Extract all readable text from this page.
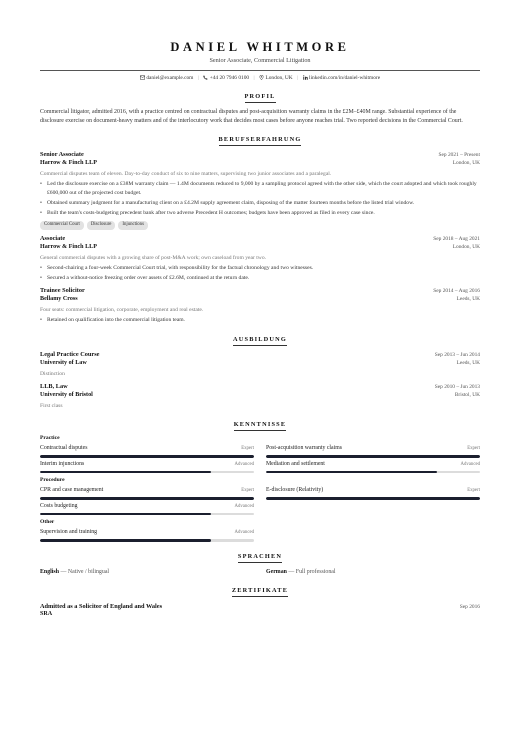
DANIEL WHITMORE
Senior Associate, Commercial Litigation
daniel@example.com | +44 20 7946 0100 | London, UK | linkedin.com/in/daniel-whitmore
PROFIL
Commercial litigator, admitted 2016, with a practice centred on contractual disputes and post-acquisition warranty claims in the £2M–£40M range. Substantial experience of the disclosure exercise on document-heavy matters and of the interlocutory work that decides most cases before anyone reaches trial. Two reported decisions in the Commercial Court.
BERUFSERFAHRUNG
Senior Associate	Sep 2021 – Present
Harrow & Finch LLP	London, UK
Commercial disputes team of eleven. Day-to-day conduct of six to nine matters, supervising two junior associates and a paralegal.
• Led the disclosure exercise on a £38M warranty claim — 1.4M documents reduced to 9,000 by a sampling protocol agreed with the other side, which the court adopted and which took roughly £600,000 out of the projected cost budget.
• Obtained summary judgment for a manufacturing client on a £4.2M supply agreement claim, disposing of the matter fourteen months before the listed trial window.
• Built the team's costs-budgeting precedent bank after two adverse Precedent H outcomes; budgets have been approved as filed in every case since.
Commercial Court	Disclosure	Injunctions
Associate	Sep 2018 – Aug 2021
Harrow & Finch LLP	London, UK
General commercial disputes with a growing share of post-M&A work; own caseload from year two.
• Second-chairing a four-week Commercial Court trial, with responsibility for the factual chronology and two witnesses.
• Secured a without-notice freezing order over assets of £2.6M, continued at the return date.
Trainee Solicitor	Sep 2014 – Aug 2016
Bellamy Cross	Leeds, UK
Four seats: commercial litigation, corporate, employment and real estate.
• Retained on qualification into the commercial litigation team.
AUSBILDUNG
Legal Practice Course	Sep 2013 – Jun 2014
University of Law	Leeds, UK
Distinction
LLB, Law	Sep 2010 – Jun 2013
University of Bristol	Bristol, UK
First class
KENNTNISSE
Practice
Contractual disputes	Expert Post-acquisition warranty claims	Expert
Interim injunctions	Advanced Mediation and settlement	Advanced
Procedure
CPR and case management	Expert E-disclosure (Relativity)	Expert
Costs budgeting	Advanced
Other
Supervision and training	Advanced
SPRACHEN
English — Native / bilingual	German — Full professional
ZERTIFIKATE
Admitted as a Solicitor of England and Wales	Sep 2016
SRA
